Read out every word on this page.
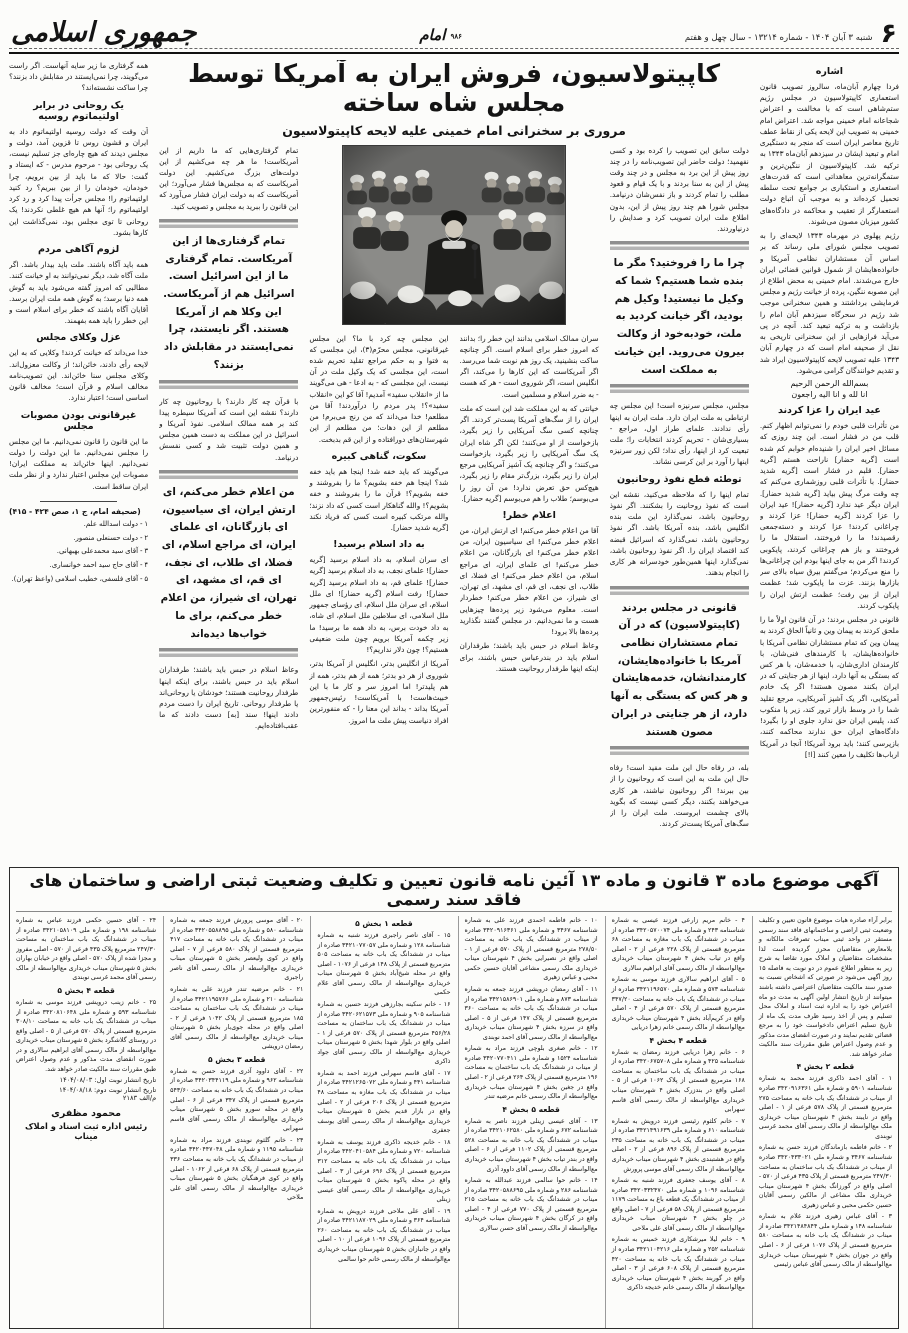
۶
شنبه ۳ آبان ۱۴۰۴ - شماره ۱۳۲۱۴ - سال چهل و هفتم
۹۸۶ امام
جمهوری اسلامی
اشاره

فردا چهارم آبان‌ماه، سالروز تصویب قانون استعماری کاپیتولاسیون در مجلس رژیم ستم‌شاهی است که با مخالفت و اعتراض شجاعانه امام خمینی مواجه شد. اعتراض امام خمینی به تصویب این لایحه یکی از نقاط عطف تاریخ معاصر ایران است که منجر به دستگیری امام و تبعید ایشان در سیزدهم آبان‌ماه ۱۳۴۳ به ترکیه شد. کاپیتولاسیون از ننگین‌ترین و ستمگرانه‌ترین معاهداتی است که قدرت‌های استعماری و استکباری بر جوامع تحت سلطه تحمیل کرده‌اند و به موجب آن اتباع دولت استعمارگر از تعقیب و محاکمه در دادگاه‌های کشور میزبان مصون می‌شوند.

رژیم پهلوی در مهرماه ۱۳۴۳ لایحه‌ای را به تصویب مجلس شورای ملی رساند که بر اساس آن مستشاران نظامی آمریکا و خانواده‌هایشان از شمول قوانین قضائی ایران خارج می‌شدند. امام خمینی به محض اطلاع از این مصوبه ننگین، پرده از خیانت رژیم و مجلس فرمایشی برداشتند و همین سخنرانی موجب شد رژیم در سحرگاه سیزدهم آبان امام را بازداشت و به ترکیه تبعید کند. آنچه در پی می‌آید فرازهایی از این سخنرانی تاریخی به نقل از صحیفه امام است که در چهارم آبان ۱۳۴۳ علیه تصویب لایحه کاپیتولاسیون ایراد شد و تقدیم خوانندگان گرامی می‌شود.

بسم‌الله الرحمن الرحیم

انا لله و انا الیه راجعون

عید ایران را عزا کردند

من تأثرات قلبی خودم را نمی‌توانم اظهار کنم. قلب من در فشار است. این چند روزی که مسائل اخیر ایران را شنیده‌ام خوابم کم شده است [گریه حضار] ناراحت هستم [گریه حضار]. قلبم در فشار است [گریه شدید حضار]. با تأثرات قلبی روزشماری می‌کنم که چه وقت مرگ پیش بیاید [گریه شدید حضار]. ایران دیگر عید ندارد [گریه حضار]! عید ایران را عزا کردند [گریه حضار]! عزا کردند و چراغانی کردند! عزا کردند و دسته‌جمعی رقصیدند! ما را فروختند، استقلال ما را فروختند و باز هم چراغانی کردند، پایکوبی کردند! اگر من به جای اینها بودم این چراغانی‌ها را منع می‌کردم؛ می‌گفتم بیرق سیاه بالای سر بازارها بزنند. عزت ما پایکوب شد؛ عظمت ایران از بین رفت؛ عظمت ارتش ایران را پایکوب کردند.

قانونی در مجلس بردند؛ در آن قانون اولاً ما را ملحق کردند به پیمان وین و ثانیاً الحاق کردند به پیمان وین که تمام مستشاران نظامی آمریکا با خانواده‌هایشان، با کارمندهای فنی‌شان، با کارمندان اداری‌شان، با خدمه‌شان، با هر کس که بستگی به آنها دارد، اینها از هر جنایتی که در ایران بکنند مصون هستند! اگر یک خادم آمریکایی، اگر یک آشپز آمریکایی، مرجع تقلید شما را در وسط بازار ترور کند، زیر پا منکوب کند، پلیس ایران حق ندارد جلوی او را بگیرد! دادگاه‌های ایران حق ندارند محاکمه کنند، بازپرسی کنند؛ باید برود آمریکا! آنجا در آمریکا ارباب‌ها تکلیف را معین کنند [ا!]

کاپیتولاسیون، فروش ایران به آمریکا توسط مجلس شاه ساخته
مروری بر سخنرانی امام خمینی علیه لایحه کاپیتولاسیون

دولت سابق این تصویب را کرده بود و کسی نفهمید؛ دولت حاضر این تصویب‌نامه را در چند روز پیش از این برد به مجلس و در چند وقت پیش از این به سنا بردند و با یک قیام و قعود مطلب را تمام کردند و باز نفس‌شان درنیامد. مجلس شورا هم چند روز پیش از این، بدون اطلاع ملت ایران تصویب کرد و صدایش را درنیاوردند.

چرا ما را فروختید؟ مگر ما بنده شما هستیم؟ شما که وکیل ما نیستید! وکیل هم بودید، اگر خیانت کردید به ملت، خودبه‌خود از وکالت بیرون می‌روید. این خیانت به مملکت است

مجلس، مجلس سرنیزه است! این مجلس چه ارتباطی به ملت ایران دارد. ملت ایران به اینها رأی ندادند. علمای طراز اول، مراجع - بسیاری‌شان - تحریم کردند انتخابات را؛ ملت تبعیت کرد از اینها، رأی نداد؛ لکن زور سرنیزه اینها را آورد بر این کرسی نشاند.

توطئه قطع نفوذ روحانیون

تمام اینها را که ملاحظه می‌کنید، نقشه این است که نفوذ روحانیت را بشکنند. اگر نفوذ روحانیون باشد، نمی‌گذارد این ملت بنده انگلیس باشد، بنده آمریکا باشد. اگر نفوذ روحانیون باشد، نمی‌گذارد که اسرائیل قبضه کند اقتصاد ایران را. اگر نفوذ روحانیون باشد، نمی‌گذارد اینها همین‌طور خودسرانه هر کاری را انجام بدهند.

قانونی در مجلس بردند (کاپیتولاسیون) که در آن تمام مستشاران نظامی آمریکا با خانواده‌هایشان، کارمندانشان، خدمه‌هایشان و هر کس که بستگی به آنها دارد، از هر جنایتی در ایران مصون هستند

بله، در رفاه حال این ملت مفید است! رفاه حال این ملت به این است که روحانیون را از بین ببرند! اگر روحانیون نباشند، هر کاری می‌خواهند بکنند، دیگر کسی نیست که بگوید بالای چشمت ابروست. ملت ایران را از سگ‌های آمریکا پست‌تر کردند.

سران ممالک اسلامی بدانند این خطر را؛ بدانند که امروز خطر برای اسلام است. اگر چنانچه ساکت بنشینید، یک روز هم نوبت شما می‌رسد. اگر آمریکاست که این کارها را می‌کند، اگر انگلیس است، اگر شوروی است - هر که هست - به ضرر اسلام و مسلمین است.

خیانتی که به این مملکت شد این است که ملت ایران را از سگ‌های آمریکا پست‌تر کردند. اگر چنانچه کسی سگ آمریکایی را زیر بگیرد، بازخواست از او می‌کنند؛ لکن اگر شاه ایران یک سگ آمریکایی را زیر بگیرد، بازخواست می‌کنند؛ و اگر چنانچه یک آشپز آمریکایی مرجع ایران را زیر بگیرد، بزرگ‌تر مقام را زیر بگیرد، هیچ‌کس حق تعرض ندارد! من آن روز را می‌بوسم؛ طلاب را هم می‌بوسم [گریه حضار].

اعلام خطر!

آقا من اعلام خطر می‌کنم! ای ارتش ایران، من اعلام خطر می‌کنم! ای سیاسیون ایران، من اعلام خطر می‌کنم! ای بازرگانان، من اعلام خطر می‌کنم! ای علمای ایران، ای مراجع اسلام، من اعلام خطر می‌کنم! ای فضلا، ای طلاب، ای نجف، ای قم، ای مشهد، ای تهران، ای شیراز، من اعلام خطر می‌کنم! خطردار است. معلوم می‌شود زیر پرده‌ها چیزهایی هست و ما نمی‌دانیم. در مجلس گفتند نگذارید پرده‌ها بالا برود!

وعاظ اسلام در حبس باید باشند؛ طرفداران اسلام باید در بندرعباس حبس باشند، برای اینکه اینها طرفدار روحانیت هستند.

این مجلس چه کرد با ما؟ این مجلس غیرقانونی، مجلس محرّم(۳)، این مجلسی که به فتوا و به حکم مراجع تقلید تحریم شده است، این مجلسی که یک وکیل ملت در آن نیست، این مجلسی که - به ادعا - هی می‌گویند ما از «انقلاب سفید» آمدیم! آقا کو این «انقلاب سفید»؟! پدر مردم را درآوردند! آقا من مطلعم! خدا می‌داند که من رنج می‌برم! من مطلعم از این دهات؛ من مطلعم از این شهرستان‌های دورافتاده و از این قم بدبخت.

سکوت، گناهی کبیره

می‌گویند که باید خفه شد! اینجا هم باید خفه شد؟ اینجا هم خفه بشویم؟ ما را بفروشند و خفه بشویم؟! قرآن ما را بفروشند و خفه بشویم؟! والله گناهکار است کسی که داد نزند؛ والله مرتکب کبیره است کسی که فریاد نکند [گریه شدید حضار].

به داد اسلام برسید!

ای سران اسلام، به داد اسلام برسید [گریه حضار]! علمای نجف، به داد اسلام برسید [گریه حضار]! علمای قم، به داد اسلام برسید [گریه حضار]! رفت اسلام [گریه حضار]! ای ملل اسلام، ای سران ملل اسلام، ای رؤسای جمهور ملل اسلامی، ای سلاطین ملل اسلام، ای شاه، به داد خودت برس، به داد همه ما برسید! ما زیر چکمه آمریکا برویم چون ملت ضعیفی هستیم؟! چون دلار نداریم؟!

آمریکا از انگلیس بدتر، انگلیس از آمریکا بدتر، شوروی از هر دو بدتر؛ همه از هم بدتر، همه از هم پلیدتر! اما امروز سر و کار ما با این خبیث‌هاست! با آمریکاست! رئیس‌جمهور آمریکا بداند - بداند این معنا را - که منفورترین افراد دنیاست پیش ملت ما امروز.

تمام گرفتاری‌هایی که ما داریم از این آمریکاست! ما هر چه می‌کشیم از این دولت‌های بزرگ می‌کشیم. این دولت آمریکاست که به مجلس‌ها فشار می‌آورد؛ این آمریکاست که به دولت ایران فشار می‌آورد که این قانون را ببرید به مجلس و تصویب کنید.

تمام گرفتاری‌ها از این آمریکاست. تمام گرفتاری ما از این اسرائیل است. اسرائیل هم از آمریکاست. این وکلا هم از آمریکا هستند. اگر نایستند، چرا نمی‌ایستند در مقابلش داد بزنند؟

با قرآن چه کار دارند؟ با روحانیون چه کار دارند؟ نقشه این است که آمریکا سیطره پیدا کند بر همه ممالک اسلامی. نفوذ آمریکا و اسرائیل در این مملکت به دست همین مجلس و همین دولت تثبیت شد و کسی نفسش درنیامد.

من اعلام خطر می‌کنم، ای ارتش ایران، ای سیاسیون، ای بازرگانان، ای علمای ایران، ای مراجع اسلام، ای فضلا، ای طلاب، ای نجف، ای قم، ای مشهد، ای تهران، ای شیراز، من اعلام خطر می‌کنم، برای ما خواب‌ها دیده‌اند

وعاظ اسلام در حبس باید باشند؛ طرفداران اسلام باید در حبس باشند، برای اینکه اینها طرفدار روحانیت هستند؛ خودشان یا روحانی‌اند یا طرفدار روحانی. تاریخ ایران را دست مردم دادند اینها! سند [به] دست دادند که ما عقب‌افتاده‌ایم.

همه گرفتاری ما زیر سایه آنهاست. اگر راست می‌گویند، چرا نمی‌ایستند در مقابلش داد بزنند؟ چرا ساکت نشسته‌اند؟

یک روحانی در برابر اولتیماتوم روسیه

آن وقت که دولت روسیه اولتیماتوم داد به ایران و قشون روس تا قزوین آمد، دولت و مجلس دیدند که هیچ چاره‌ای جز تسلیم نیست، یک روحانی بود - مرحوم مدرس - که ایستاد و گفت: حالا که ما باید از بین برویم، چرا خودمان، خودمان را از بین ببریم؟ رد کنید اولتیماتوم را! مجلس جرأت پیدا کرد و رد کرد اولتیماتوم را؛ آنها هم هیچ غلطی نکردند! یک روحانی تا توی مجلس بود، نمی‌گذاشت این کارها بشود.

لزوم آگاهی مردم

همه باید آگاه باشند. ملت باید بیدار باشد. اگر ملت آگاه شد، دیگر نمی‌توانند به او خیانت کنند. مطالبی که امروز گفته می‌شود باید به گوش همه دنیا برسد؛ به گوش همه ملت ایران برسد. آقایان آگاه باشند که خطر برای اسلام است و این خطر را باید همه بفهمند.

عزل وکلای مجلس

خدا می‌داند که خیانت کردند! وکلایی که به این لایحه رأی دادند، خائن‌اند؛ از وکالت معزول‌اند. وکلای مجلس سنا خائن‌اند. این تصویب‌نامه مخالف اسلام و قرآن است؛ مخالف قانون اساسی است؛ اعتبار ندارد.

غیرقانونی بودن مصوبات مجلس

ما این قانون را قانون نمی‌دانیم. ما این مجلس را مجلس نمی‌دانیم. ما این دولت را دولت نمی‌دانیم. اینها خائن‌اند به مملکت ایران! مصوبات این مجلس اعتبار ندارد و از نظر ملت ایران ساقط است.

(صحیفه امام، ج ۱، صص ۴۲۴ - ۴۱۵)

۱ - دولت اسدالله علم.

۲ - دولت حسنعلی منصور.

۳ - آقای سید محمدعلی بهبهانی.

۴ - آقای حاج سید احمد خوانساری.

۵ - آقای فلسفی، خطیب اسلامی (واعظ تهران).

آگهی موضوع ماده ۳ قانون و ماده ۱۳ آئین نامه قانون تعیین و تکلیف وضعیت ثبتی اراضی و ساختمان های فاقد سند رسمی

برابر آراء صادره هیات موضوع قانون تعیین و تکلیف وضعیت ثبتی اراضی و ساختمانهای فاقد سند رسمی مستقر در واحد ثبتی میناب تصرفات مالکانه و بلامعارض متقاضیان محرز گردیده است لذا مشخصات متقاضیان و املاک مورد تقاضا به شرح زیر به منظور اطلاع عموم در دو نوبت به فاصله ۱۵ روز آگهی می‌شود در صورتی که اشخاص نسبت به صدور سند مالکیت متقاضیان اعتراضی داشته باشند میتوانند از تاریخ انتشار اولین آگهی به مدت دو ماه اعتراض خود را به اداره ثبت اسناد و املاک محل تسلیم و پس از اخذ رسید ظرف مدت یک ماه از تاریخ تسلیم اعتراض دادخواست خود را به مرجع قضائی تقدیم نمایند و در صورت انقضای مدت مذکور و عدم وصول اعتراض طبق مقررات سند مالکیت صادر خواهد شد.

قطعه ۲ بخش ۴

۱ - آقای احمد ذاکری فرزند محمد به شماره شناسنامه ۵۹۰۱ و شماره ملی ۳۴۲۰۹۱۶۳۶۱ صادره از میناب در ششدانگ یک باب خانه به مساحت ۲۷۵ مترمربع قسمتی از پلاک ۵۷۸ فرعی از ۱ - اصلی واقع در نایبند بخش ۴ شهرستان میناب خریداری ملک مع‌الواسطه از مالک رسمی آقای محمد غرسی نوبندی

۲ - خانم فاطمه بازماندگان فرزند حسن به شماره شناسنامه ۳۴۶۷ و شماره ملی ۳۴۲۰۴۳۳۰۲۱ صادره از میناب در ششدانگ یک باب ساختمان به مساحت ۲۴۷/۳۰ مترمربع قسمتی از پلاک ۴۳۵ فرعی از ۵۷۰ - اصلی واقع در گورزانگ بخش ۴ شهرستان میناب خریداری ملک مشاعی از مالکین رسمی آقایان حسین حکمی محبی و عباس زهیری

۳ - آقای عباس زهیری فرزند غلام به شماره شناسنامه ۱۴۸ و شماره ملی ۳۴۲۱۴۸۴۸۴۴ صادره از میناب در ششدانگ یک باب خانه به مساحت ۵۸۰ مترمربع قسمتی از پلاک ۱۰۷۶ فرعی از ۶ - اصلی واقع در جوزان بخش ۴ شهرستان میناب خریداری مع‌الواسطه از مالک رسمی آقای عباس رئیسی

۴ - خانم مریم زارعی فرزند عیسی به شماره شناسنامه ۲۴۳ و شماره ملی ۳۴۲۰۵۷۰۰۷۴ صادره از میناب در ششدانگ یک باب مغازه به مساحت ۶۸ مترمربع قسمتی از پلاک ۲۲۸ فرعی از ۲ - اصلی واقع در تیاب بخش ۴ شهرستان میناب خریداری مع‌الواسطه از مالک رسمی آقای ابراهیم سالاری

۵ - آقای ابراهیم سالاری فرزند موسی به شماره شناسنامه ۵۷۳ و شماره ملی ۳۴۲۱۱۹۶۵۷۰ صادره از میناب در ششدانگ یک باب خانه به مساحت ۳۴۷/۲۰ مترمربع قسمتی از پلاک ۵۷۰ فرعی از ۴ - اصلی واقع در کریم‌آباد بخش ۴ شهرستان میناب خریداری مع‌الواسطه از مالک رسمی خانم زهرا دریایی

قطعه ۴ بخش ۴

۶ - خانم زهرا دریایی فرزند رمضان به شماره شناسنامه ۴۲۵ و شماره ملی ۳۴۲۰۶۷۵۷۰۸ صادره از میناب در ششدانگ یک باب ساختمان به مساحت ۱۶۸ مترمربع قسمتی از پلاک ۱۰۶۲ فرعی از ۵ - اصلی واقع در بندزرک بخش ۴ شهرستان میناب خریداری مع‌الواسطه از مالک رسمی آقای قاسم سهرابی

۷ - خانم کلثوم رئیسی فرزند درویش به شماره شناسنامه ۶۱۰ و شماره ملی ۳۴۲۱۴۹۱۶۳۹ صادره از میناب در ششدانگ یک باب خانه به مساحت ۲۳۵ مترمربع قسمتی از پلاک ۸۹۶ فرعی از ۲ - اصلی واقع در هشتبندی بخش ۴ شهرستان میناب خریداری مع‌الواسطه از مالک رسمی آقای موسی پرورش

۸ - آقای یوسف جعفری فرزند شنبه به شماره شناسنامه ۱۰۹۶ و شماره ملی ۳۴۲۰۳۳۲۴۷۰ صادره از میناب در ششدانگ یک قطعه باغ به مساحت ۱۱۷۹ مترمربع قسمتی از پلاک ۵۸ فرعی از ۷ - اصلی واقع در چلو بخش ۴ شهرستان میناب خریداری مع‌الواسطه از مالک رسمی آقای علی ملاحی

۹ - خانم لیلا میرشکاری فرزند خمیس به شماره شناسنامه ۲۵۲ و شماره ملی ۳۴۲۱۱۰۴۲۱۶ صادره از میناب در ششدانگ یک باب خانه به مساحت ۴۲۰ مترمربع قسمتی از پلاک ۶۰۸ فرعی از ۳ - اصلی واقع در گوربند بخش ۴ شهرستان میناب خریداری مع‌الواسطه از مالک رسمی خانم خدیجه ذاکری

۱۰ - خانم فاطمه احمدی فرزند علی به شماره شناسنامه ۳۴۶۷ و شماره ملی ۳۴۲۰۹۱۶۳۶۱ صادره از میناب در ششدانگ یک باب خانه به مساحت ۲۷۸/۵۰ مترمربع قسمتی از پلاک ۵۷۰ فرعی از ۱ - اصلی واقع در نصیرایی بخش ۴ شهرستان میناب خریداری ملک رسمی مشاعی آقایان حسین حکمی محبی و عباس زهیری

۱۱ - آقای رمضان درویشی فرزند جمعه به شماره شناسنامه ۸۷۳ و شماره ملی ۳۴۲۱۵۸۶۹۰۱ صادره از میناب در ششدانگ یک باب خانه به مساحت ۳۶۰ مترمربع قسمتی از پلاک ۱۴۷ فرعی از ۵ - اصلی واقع در سرزه بخش ۴ شهرستان میناب خریداری مع‌الواسطه از مالک رسمی آقای احمد نوبندی

۱۲ - خانم صغری بلوچی فرزند مراد به شماره شناسنامه ۱۵۲۴ و شماره ملی ۳۴۲۰۷۷۰۴۱۱ صادره از میناب در ششدانگ یک باب ساختمان به مساحت ۱۹۶ مترمربع قسمتی از پلاک ۲۶۴ فرعی از ۲ - اصلی واقع در جغین بخش ۴ شهرستان میناب خریداری مع‌الواسطه از مالک رسمی خانم مرضیه تندر

قطعه ۵ بخش ۴

۱۳ - آقای عیسی زینلی فرزند ناصر به شماره شناسنامه ۶۷۲ و شماره ملی ۳۴۲۱۰۶۲۵۸۰ صادره از میناب در ششدانگ یک باب خانه به مساحت ۵۲۸ مترمربع قسمتی از پلاک ۱۱۰۲ فرعی از ۶ - اصلی واقع در بندر تیاب بخش ۴ شهرستان میناب خریداری مع‌الواسطه از مالک رسمی آقای داوود آذری

۱۴ - خانم حوا سالمی فرزند عبدالله به شماره شناسنامه ۲۸۶ و شماره ملی ۳۴۲۰۵۸۸۶۹۵ صادره از میناب در ششدانگ یک باب خانه به مساحت ۲۱۵ مترمربع قسمتی از پلاک ۷۷۰ فرعی از ۴ - اصلی واقع در کرگان بخش ۴ شهرستان میناب خریداری مع‌الواسطه از مالک رسمی آقای حسن سالاری

قطعه ۱ بخش ۵

۱۵ - آقای ناصر راجبری فرزند شنبه به شماره شناسنامه ۱۲۸ و شماره ملی ۳۴۲۱۰۷۷۰۵۷ صادره از میناب در ششدانگ یک باب خانه به مساحت ۵۰۵ مترمربع قسمتی از پلاک ۱۴۸ فرعی از ۱۰۷۶ - اصلی واقع در محله شیخ‌آباد بخش ۵ شهرستان میناب خریداری مع‌الواسطه از مالک رسمی آقای غلام حکمی

۱۶ - خانم سکینه بجارزهی فرزند حسین به شماره شناسنامه ۹۰۵ و شماره ملی ۳۴۲۰۶۲۱۵۷۳ صادره از میناب در ششدانگ یک باب ساختمان به مساحت ۴۵۶/۲۸ مترمربع قسمتی از پلاک ۵۷۰ فرعی از ۱ - اصلی واقع در بلوار شهدا بخش ۵ شهرستان میناب خریداری مع‌الواسطه از مالک رسمی آقای جواد ذاکری

۱۷ - آقای قاسم سهرابی فرزند احمد به شماره شناسنامه ۴۴۱ و شماره ملی ۳۴۲۱۲۶۵۰۷۲ صادره از میناب در ششدانگ یک باب مغازه به مساحت ۴۸ مترمربع قسمتی از پلاک ۲۰۶ فرعی از ۲ - اصلی واقع در بازار قدیم بخش ۵ شهرستان میناب خریداری مع‌الواسطه از مالک رسمی آقای یوسف جعفری

۱۸ - خانم خدیجه ذاکری فرزند یوسف به شماره شناسنامه ۷۲۰ و شماره ملی ۳۴۲۰۴۱۰۵۸۴ صادره از میناب در ششدانگ یک باب خانه به مساحت ۳۱۲ مترمربع قسمتی از پلاک ۶۹۶ فرعی از ۳ - اصلی واقع در محله پاکوه بخش ۵ شهرستان میناب خریداری مع‌الواسطه از مالک رسمی آقای عیسی زینلی

۱۹ - آقای علی ملاحی فرزند درویش به شماره شناسنامه ۳۶۴ و شماره ملی ۳۴۲۱۱۸۷۰۲۹ صادره از میناب در ششدانگ یک باب خانه به مساحت ۲۶۰ مترمربع قسمتی از پلاک ۱۰۹۶ فرعی از ۱۰ - اصلی واقع در جانبازان بخش ۵ شهرستان میناب خریداری مع‌الواسطه از مالک رسمی خانم حوا سالمی

۲۰ - آقای موسی پرورش فرزند جمعه به شماره شناسنامه ۵۸۰ و شماره ملی ۳۴۲۰۵۵۸۸۹۵ صادره از میناب در ششدانگ یک باب خانه به مساحت ۴۱۷ مترمربع قسمتی از پلاک ۵۸۰ فرعی از ۷ - اصلی واقع در کوی ولیعصر بخش ۵ شهرستان میناب خریداری مع‌الواسطه از مالک رسمی آقای ناصر راجبری

۲۱ - خانم مرضیه تندر فرزند علی به شماره شناسنامه ۲۱۰ و شماره ملی ۳۴۲۱۱۹۵۷۶۶ صادره از میناب در ششدانگ یک باب ساختمان به مساحت ۱۸۵ مترمربع قسمتی از پلاک ۱۰۴۲ فرعی از ۲ - اصلی واقع در محله جوی‌بار بخش ۵ شهرستان میناب خریداری مع‌الواسطه از مالک رسمی آقای رمضان درویشی

قطعه ۳ بخش ۵

۲۲ - آقای داوود آذری فرزند حسن به شماره شناسنامه ۹۶۲ و شماره ملی ۳۴۲۰۳۴۴۱۱۹ صادره از میناب در ششدانگ یک باب خانه به مساحت ۵۴۳/۶۰ مترمربع قسمتی از پلاک ۳۴۷ فرعی از ۶ - اصلی واقع در محله سورو بخش ۵ شهرستان میناب خریداری مع‌الواسطه از مالک رسمی آقای قاسم سهرابی

۲۳ - خانم گلثوم نوبندی فرزند مراد به شماره شناسنامه ۱۱۹۵ و شماره ملی ۳۴۲۰۴۴۷۰۴۸ صادره از میناب در ششدانگ یک باب خانه به مساحت ۳۳۶ مترمربع قسمتی از پلاک ۶۸ فرعی از ۱۰۶۲ - اصلی واقع در کوی فرهنگیان بخش ۵ شهرستان میناب خریداری مع‌الواسطه از مالک رسمی آقای علی ملاحی

۲۴ - آقای حسین حکمی فرزند عباس به شماره شناسنامه ۱۹۸ و شماره ملی ۳۴۲۱۰۵۸۱۰۹ صادره از میناب در ششدانگ یک باب ساختمان به مساحت ۲۴۷/۳۰ مترمربع پلاک ۴۳۵ فرعی از ۵۷۰ - اصلی مفروز و مجزا شده از پلاک ۵۷۰ - اصلی واقع در خیابان بهاران بخش ۵ شهرستان میناب خریداری مع‌الواسطه از مالک رسمی آقای محمد غرسی نوبندی

قطعه ۴ بخش ۵

۲۵ - خانم زینب درویشی فرزند موسی به شماره شناسنامه ۵۹۳ و شماره ملی ۳۴۲۰۸۱۰۶۴۸ صادره از میناب در ششدانگ یک باب خانه به مساحت ۳۰۸/۱۰ مترمربع قسمتی از پلاک ۵۷۰ فرعی از ۵ - اصلی واقع در روستای گلاشگرد بخش ۵ شهرستان میناب خریداری مع‌الواسطه از مالک رسمی آقای ابراهیم سالاری و در صورت انقضای مدت مذکور و عدم وصول اعتراض طبق مقررات سند مالکیت صادر خواهد شد.

تاریخ انتشار نوبت اول: ۱۴۰۴/۰۸/۰۳

تاریخ انتشار نوبت دوم: ۱۴۰۴/۰۸/۱۸

م/الف ۲۱۸۳

محمود مظفری

رئیس اداره ثبت اسناد و املاک میناب
